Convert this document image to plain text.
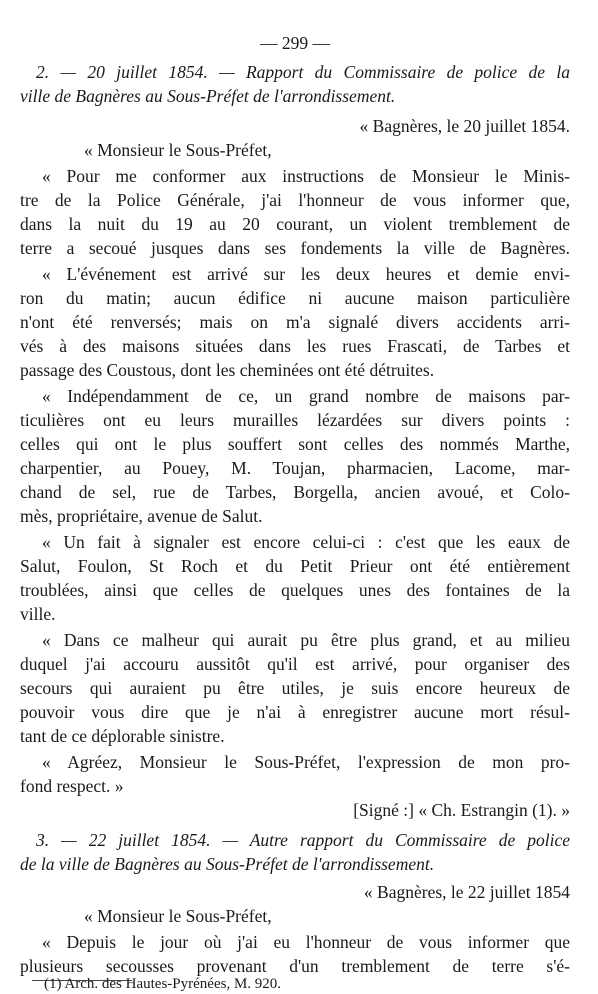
— 299 —
2. — 20 juillet 1854. — Rapport du Commissaire de police de la
ville de Bagnères au Sous-Préfet de l'arrondissement.
« Bagnères, le 20 juillet 1854.
« Monsieur le Sous-Préfet,
« Pour me conformer aux instructions de Monsieur le Minis-
tre de la Police Générale, j'ai l'honneur de vous informer que,
dans la nuit du 19 au 20 courant, un violent tremblement de
terre a secoué jusques dans ses fondements la ville de Bagnères.
« L'événement est arrivé sur les deux heures et demie envi-
ron du matin; aucun édifice ni aucune maison particulière
n'ont été renversés; mais on m'a signalé divers accidents arri-
vés à des maisons situées dans les rues Frascati, de Tarbes et
passage des Coustous, dont les cheminées ont été détruites.
« Indépendamment de ce, un grand nombre de maisons par-
ticulières ont eu leurs murailles lézardées sur divers points :
celles qui ont le plus souffert sont celles des nommés Marthe,
charpentier, au Pouey, M. Toujan, pharmacien, Lacome, mar-
chand de sel, rue de Tarbes, Borgella, ancien avoué, et Colo-
mès, propriétaire, avenue de Salut.
« Un fait à signaler est encore celui-ci : c'est que les eaux de
Salut, Foulon, St Roch et du Petit Prieur ont été entièrement
troublées, ainsi que celles de quelques unes des fontaines de la
ville.
« Dans ce malheur qui aurait pu être plus grand, et au milieu
duquel j'ai accouru aussitôt qu'il est arrivé, pour organiser des
secours qui auraient pu être utiles, je suis encore heureux de
pouvoir vous dire que je n'ai à enregistrer aucune mort résul-
tant de ce déplorable sinistre.
« Agréez, Monsieur le Sous-Préfet, l'expression de mon pro-
fond respect. »
[Signé :] « Ch. Estrangin (1). »
3. — 22 juillet 1854. — Autre rapport du Commissaire de police
de la ville de Bagnères au Sous-Préfet de l'arrondissement.
« Bagnères, le 22 juillet 1854
« Monsieur le Sous-Préfet,
« Depuis le jour où j'ai eu l'honneur de vous informer que
plusieurs secousses provenant d'un tremblement de terre s'é-
(1) Arch. des Hautes-Pyrénées, M. 920.
